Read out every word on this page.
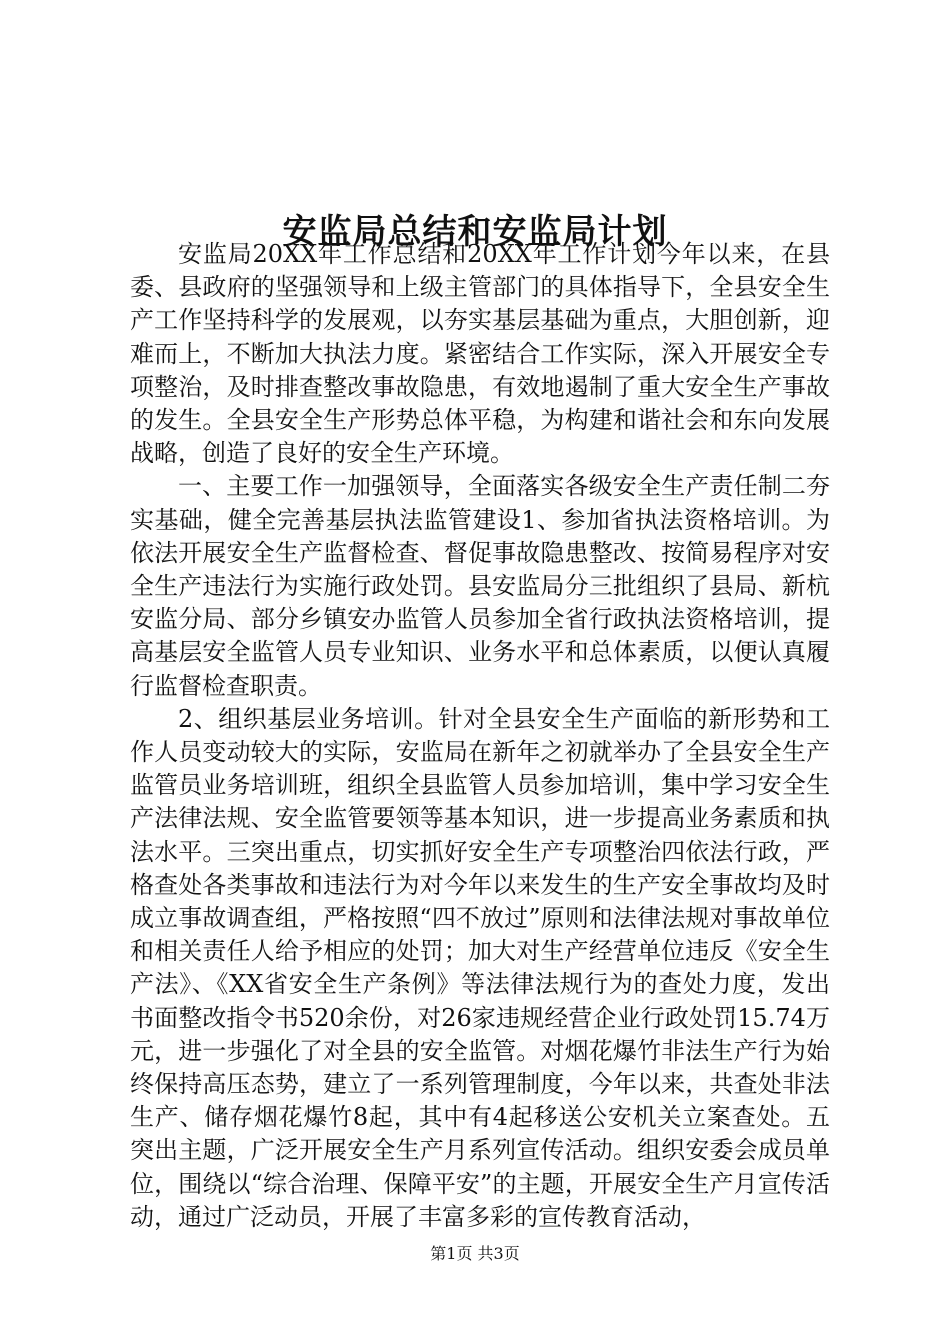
安监局总结和安监局计划

安监局20XX年工作总结和20XX年工作计划今年以来，在县委、县政府的坚强领导和上级主管部门的具体指导下，全县安全生产工作坚持科学的发展观，以夯实基层基础为重点，大胆创新，迎难而上，不断加大执法力度。紧密结合工作实际，深入开展安全专项整治，及时排查整改事故隐患，有效地遏制了重大安全生产事故的发生。全县安全生产形势总体平稳，为构建和谐社会和东向发展战略，创造了良好的安全生产环境。

一、主要工作一加强领导，全面落实各级安全生产责任制二夯实基础，健全完善基层执法监管建设1、参加省执法资格培训。为依法开展安全生产监督检查、督促事故隐患整改、按简易程序对安全生产违法行为实施行政处罚。县安监局分三批组织了县局、新杭安监分局、部分乡镇安办监管人员参加全省行政执法资格培训，提高基层安全监管人员专业知识、业务水平和总体素质，以便认真履行监督检查职责。

2、组织基层业务培训。针对全县安全生产面临的新形势和工作人员变动较大的实际，安监局在新年之初就举办了全县安全生产监管员业务培训班，组织全县监管人员参加培训，集中学习安全生产法律法规、安全监管要领等基本知识，进一步提高业务素质和执法水平。三突出重点，切实抓好安全生产专项整治四依法行政，严格查处各类事故和违法行为对今年以来发生的生产安全事故均及时成立事故调查组，严格按照“四不放过”原则和法律法规对事故单位和相关责任人给予相应的处罚；加大对生产经营单位违反《安全生产法》、《XX省安全生产条例》等法律法规行为的查处力度，发出书面整改指令书520余份，对26家违规经营企业行政处罚15.74万元，进一步强化了对全县的安全监管。对烟花爆竹非法生产行为始终保持高压态势，建立了一系列管理制度，今年以来，共查处非法生产、储存烟花爆竹8起，其中有4起移送公安机关立案查处。五突出主题，广泛开展安全生产月系列宣传活动。组织安委会成员单位，围绕以“综合治理、保障平安”的主题，开展安全生产月宣传活动，通过广泛动员，开展了丰富多彩的宣传教育活动，

第1页 共3页
